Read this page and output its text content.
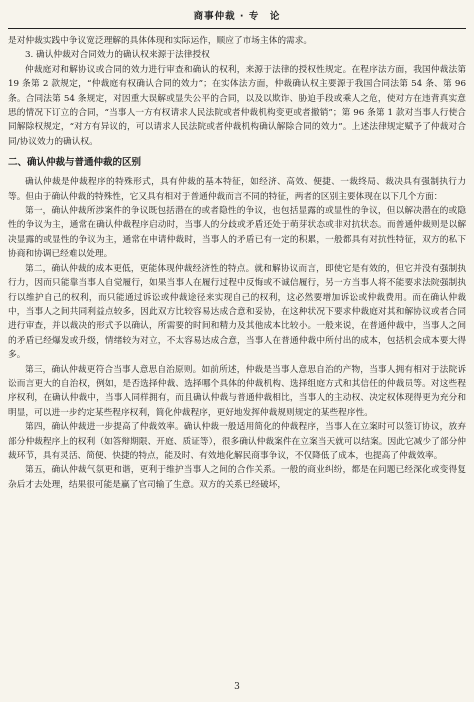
商事仲裁 · 专　论

是对仲裁实践中争议宽泛理解的具体体现和实际运作，顺应了市场主体的需求。

3. 确认仲裁对合同效力的确认权来源于法律授权

仲裁庭对和解协议或合同的效力进行审查和确认的权利，来源于法律的授权性规定。在程序法方面，我国仲裁法第 19 条第 2 款规定，“仲裁庭有权确认合同的效力”；在实体法方面，仲裁确认权主要源于我国合同法第 54 条、第 96 条。合同法第 54 条规定，对因重大误解或显失公平的合同，以及以欺诈、胁迫手段或乘人之危，使对方在违背真实意思的情况下订立的合同，“当事人一方有权请求人民法院或者仲裁机构变更或者撤销”；第 96 条第 1 款对当事人行使合同解除权规定，“对方有异议的，可以请求人民法院或者仲裁机构确认解除合同的效力”。上述法律规定赋予了仲裁对合同/协议效力的确认权。

二、确认仲裁与普通仲裁的区别

确认仲裁是仲裁程序的特殊形式，具有仲裁的基本特征，如经济、高效、便捷、一裁终局、裁决具有强制执行力等。但由于确认仲裁的特殊性，它又具有相对于普通仲裁而言不同的特征，两者的区别主要体现在以下几个方面：

第一，确认仲裁所涉案件的争议既包括潜在的或者隐性的争议，也包括显露的或显性的争议，但以解决潜在的或隐性的争议为主，通常在确认仲裁程序启动时，当事人的分歧或矛盾还处于萌芽状态或非对抗状态。而普通仲裁则是以解决显露的或显性的争议为主，通常在申请仲裁时，当事人的矛盾已有一定的积累，一般都具有对抗性特征，双方的私下协商和协调已经难以处理。

第二，确认仲裁的成本更低，更能体现仲裁经济性的特点。就和解协议而言，即使它是有效的，但它并没有强制执行力，因而只能靠当事人自觉履行，如果当事人在履行过程中反悔或不诚信履行，另一方当事人将不能要求法院强制执行以维护自己的权利，而只能通过诉讼或仲裁途径来实现自己的权利，这必然要增加诉讼或仲裁费用。而在确认仲裁中，当事人之间共同利益点较多，因此双方比较容易达成合意和妥协，在这种状况下要求仲裁庭对其和解协议或者合同进行审查，并以裁决的形式予以确认，所需要的时间和精力及其他成本比较小。一般来说，在普通仲裁中，当事人之间的矛盾已经爆发或升级，情绪较为对立，不太容易达成合意，当事人在普通仲裁中所付出的成本，包括机会成本要大得多。

第三，确认仲裁更符合当事人意思自治原则。如前所述，仲裁是当事人意思自治的产物，当事人拥有相对于法院诉讼而言更大的自治权，例如，是否选择仲裁、选择哪个具体的仲裁机构、选择组庭方式和其信任的仲裁员等。对这些程序权利，在确认仲裁中，当事人同样拥有，而且确认仲裁与普通仲裁相比，当事人的主动权、决定权体现得更为充分和明显，可以进一步约定某些程序权利，简化仲裁程序，更好地发挥仲裁规则规定的某些程序性。

第四，确认仲裁进一步提高了仲裁效率。确认仲裁一般适用简化的仲裁程序，当事人在立案时可以签订协议，放弃部分仲裁程序上的权利（如答辩期限、开庭、质证等），很多确认仲裁案件在立案当天就可以结案。因此它减少了部分仲裁环节，具有灵活、简便、快捷的特点，能及时、有效地化解民商事争议，不仅降低了成本，也提高了仲裁效率。

第五，确认仲裁气氛更和谐，更利于维护当事人之间的合作关系。一般的商业纠纷，都是在问题已经深化或变得复杂后才去处理，结果很可能是赢了官司输了生意。双方的关系已经破坏，

3
